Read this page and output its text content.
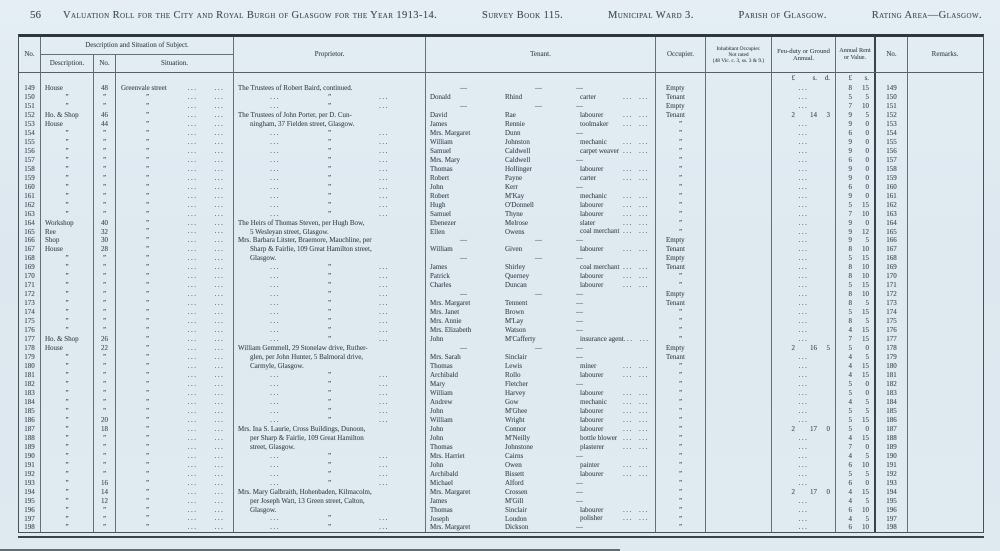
56 Valuation Roll for the City and Royal Burgh of Glasgow for the Year 1913-14.	Survey Book 115.	Municipal Ward 3.	Parish of Glasgow.	Rating Area—Glasgow.
No.
Description and Situation of Subject.
Description.	No.	Situation.
Proprietor.	Tenant.	Occupier.
Inhabitant Occupier.
Not rated
(48 Vic. c. 3, ss. 3 & 9.)
Feu-duty or Ground Annual.
Annual Rent or Value.	No.	Remarks.
£	s.	d.	£	s.
149	House	48	Greenvale street	...	...	The Trustees of Robert Baird, continued.	—	—	—	Empty	...	8	15	149
150	”	”	”	...	...	...	”	...	Donald	Rhind	carter	... ...	Tenant	...	5	5	150
151	”	”	”	...	...	...	”	...	—	—	—	Empty	...	7	10	151
152	Ho. & Shop	46	”	...	...	The Trustees of John Porter, per D. Cun-	David	Rae	labourer	... ...	Tenant	2	14	3	9	5	152
153	House	44	”	...	...	ningham, 37 Fielden street, Glasgow.	James	Rennie	toolmaker	... ...	”	...	9	0	153
154	”	”	”	...	...	...	”	...	Mrs. Margaret	Dunn	—	”	...	6	0	154
155	”	”	”	...	...	...	”	...	William	Johnston	mechanic	... ...	”	...	9	0	155
156	”	”	”	...	...	...	”	...	Samuel	Caldwell	carpet weaver ... ...	”	...	9	0	156
157	”	”	”	...	...	...	”	...	Mrs. Mary	Caldwell	—	”	...	6	0	157
158	”	”	”	...	...	...	”	...	Thomas	Hollinger	labourer	... ...	”	...	9	0	158
159	”	”	”	...	...	...	”	...	Robert	Payne	carter	... ...	”	...	9	0	159
160	”	”	”	...	...	...	”	...	John	Kerr	—	”	...	6	0	160
161	”	”	”	...	...	...	”	...	Robert	M'Kay	mechanic	... ...	”	...	9	0	161
162	”	”	”	...	...	...	”	...	Hugh	O'Donnell	labourer	... ...	”	...	5	15	162
163	”	”	”	...	...	...	”	...	Samuel	Thyne	labourer	... ...	”	...	7	10	163
164	Workshop	40	”	...	...	The Heirs of Thomas Steven, per Hugh Bow,	Ebenezer	Melrose	slater	... ...	”	...	9	0	164
165	Ree	32	”	...	...	5 Wesleyan street, Glasgow.	Ellen	Owens	coal merchant ... ...	”	...	9	12	165
166	Shop	30	”	...	...	Mrs. Barbara Litster, Braemore, Mauchline, per	—	—	—	Empty	...	9	5	166
167	House	28	”	...	...	Sharp & Fairlie, 109 Great Hamilton street,	William	Given	labourer	... ...	Tenant	...	8	10	167
168	”	”	”	...	...	Glasgow.	—	—	—	Empty	...	5	15	168
169	”	”	”	...	...	...	”	...	James	Shirley	coal merchant ... ...	Tenant	...	8	10	169
170	”	”	”	...	...	...	”	...	Patrick	Querney	labourer	... ...	”	...	8	10	170
171	”	”	”	...	...	...	”	...	Charles	Duncan	labourer	... ...	”	...	5	15	171
172	”	”	”	...	...	...	”	...	—	—	—	Empty	...	8	10	172
173	”	”	”	...	...	...	”	...	Mrs. Margaret	Tennent	—	Tenant	...	8	5	173
174	”	”	”	...	...	...	”	...	Mrs. Janet	Brown	—	”	...	5	15	174
175	”	”	”	...	...	...	”	...	Mrs. Annie	M'Lay	—	”	...	8	5	175
176	”	”	”	...	...	...	”	...	Mrs. Elizabeth	Watson	—	”	...	4	15	176
177	Ho. & Shop	26	”	...	...	...	”	...	John	M'Cafferty	insurance agent ... ...	”	...	7	15	177
178	House	22	”	...	...	William Gemmell, 29 Stonelaw drive, Ruther-	—	—	—	Empty	2	16	5	5	0	178
179	”	”	”	...	...	glen, per John Hunter, 5 Balmoral drive,	Mrs. Sarah	Sinclair	—	Tenant	...	4	5	179
180	”	”	”	...	...	Carmyle, Glasgow.	Thomas	Lewis	miner	... ...	”	...	4	15	180
181	”	”	”	...	...	...	”	...	Archibald	Rollo	labourer	... ...	”	...	4	15	181
182	”	”	”	...	...	...	”	...	Mary	Fletcher	—	”	...	5	0	182
183	”	”	”	...	...	...	”	...	William	Harvey	labourer	... ...	”	...	5	0	183
184	”	”	”	...	...	...	”	...	Andrew	Gow	mechanic	... ...	”	...	4	5	184
185	”	”	”	...	...	...	”	...	John	M'Ghee	labourer	... ...	”	...	5	5	185
186	”	20	”	...	...	...	”	...	William	Wright	labourer	... ...	”	...	5	15	186
187	”	18	”	...	...	Mrs. Ina S. Laurie, Cross Buildings, Dunoon,	John	Connor	labourer	... ...	”	2	17	0	5	0	187
188	”	”	”	...	...	per Sharp & Fairlie, 109 Great Hamilton	John	M'Neilly	bottle blower ... ...	”	...	4	15	188
189	”	”	”	...	...	street, Glasgow.	Thomas	Johnstone	plasterer	... ...	”	...	7	0	189
190	”	”	”	...	...	...	”	...	Mrs. Harriet	Cairns	—	”	...	4	5	190
191	”	”	”	...	...	...	”	...	John	Owen	painter	... ...	”	...	6	10	191
192	”	”	”	...	...	...	”	...	Archibald	Bissett	labourer	... ...	”	...	5	5	192
193	”	16	”	...	...	...	”	...	Michael	Alford	—	”	...	6	0	193
194	”	14	”	...	...	Mrs. Mary Galbraith, Hohenbaden, Kilmacolm,	Mrs. Margaret	Crossen	—	”	2	17	0	4	15	194
195	”	12	”	...	...	per Joseph Watt, 13 Green street, Calton,	James	M'Gill	—	”	...	4	5	195
196	”	”	”	...	...	Glasgow.	Thomas	Sinclair	labourer	... ...	”	...	6	10	196
197	”	”	”	...	...	...	”	...	Joseph	Loudon	polisher	... ...	”	...	4	5	197
198	”	”	”	...	...	...	”	...	Mrs. Margaret	Dickson	—	”	...	6	10	198
